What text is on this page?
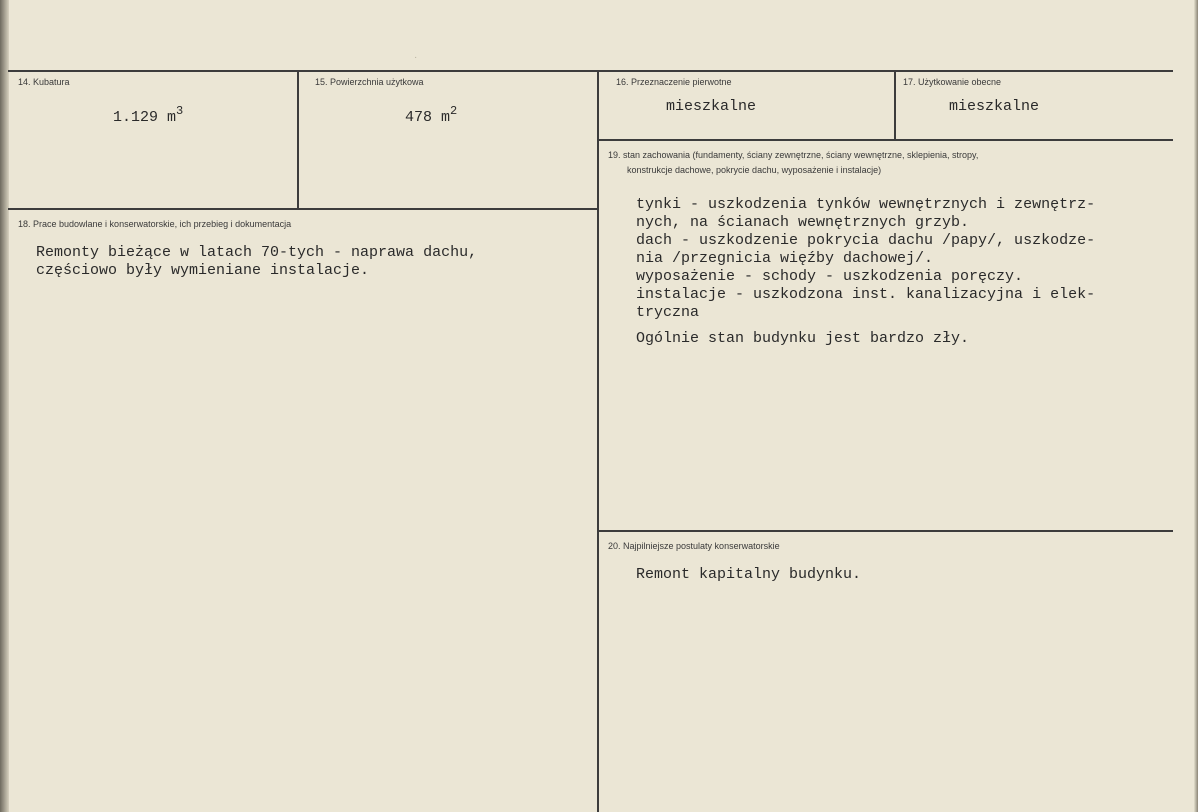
·
14. Kubatura
1.129 $m^3$
15. Powierzchnia użytkowa
478 $m^2$
16. Przeznaczenie pierwotne
mieszkalne
17. Użytkowanie obecne
mieszkalne
18. Prace budowlane i konserwatorskie, ich przebieg i dokumentacja
Remonty bieżące w latach 70-tych - naprawa dachu,
częściowo były wymieniane instalacje.
19. stan zachowania (fundamenty, ściany zewnętrzne, ściany wewnętrzne, sklepienia, stropy,
konstrukcje dachowe, pokrycie dachu, wyposażenie i instalacje)
tynki - uszkodzenia tynków wewnętrznych i zewnętrz-
nych, na ścianach wewnętrznych grzyb.
dach - uszkodzenie pokrycia dachu /papy/, uszkodze-
nia /przegnicia więźby dachowej/.
wyposażenie - schody - uszkodzenia poręczy.
instalacje - uszkodzona inst. kanalizacyjna i elek-
tryczna
Ogólnie stan budynku jest bardzo zły.
20. Najpilniejsze postulaty konserwatorskie
Remont kapitalny budynku.
